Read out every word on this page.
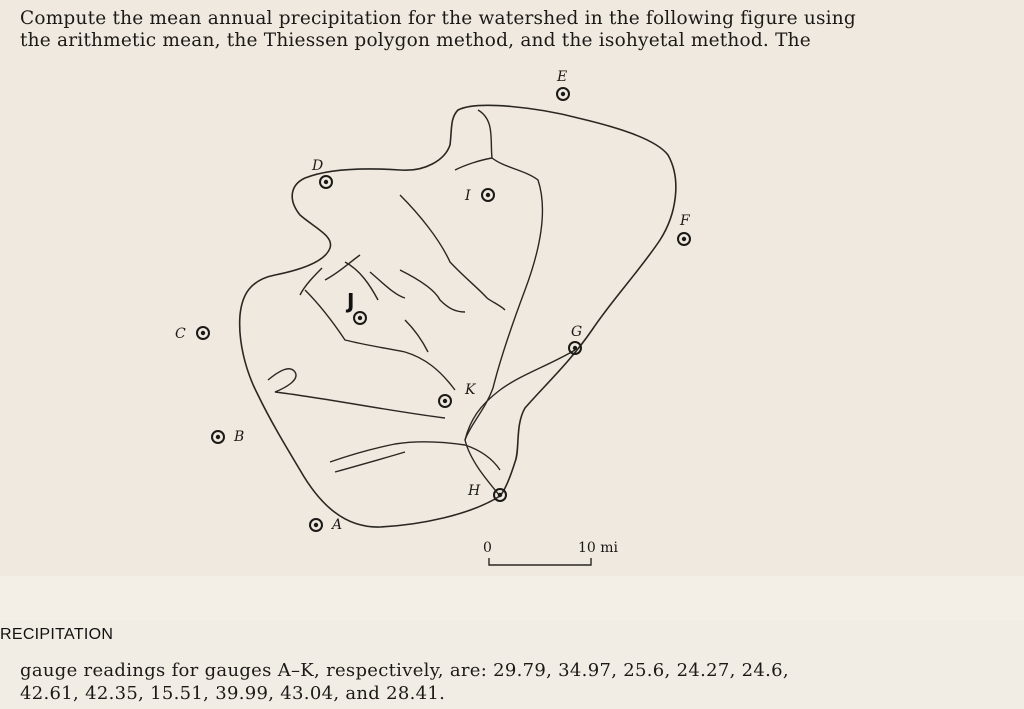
Compute the mean annual precipitation for the watershed in the following figure using
the arithmetic mean, the Thiessen polygon method, and the isohyetal method. The
A
B
C
D
E
F
G
H
I
J
K
0	10 mi
RECIPITATION
gauge readings for gauges A–K, respectively, are: 29.79, 34.97, 25.6, 24.27, 24.6,
42.61, 42.35, 15.51, 39.99, 43.04, and 28.41.
